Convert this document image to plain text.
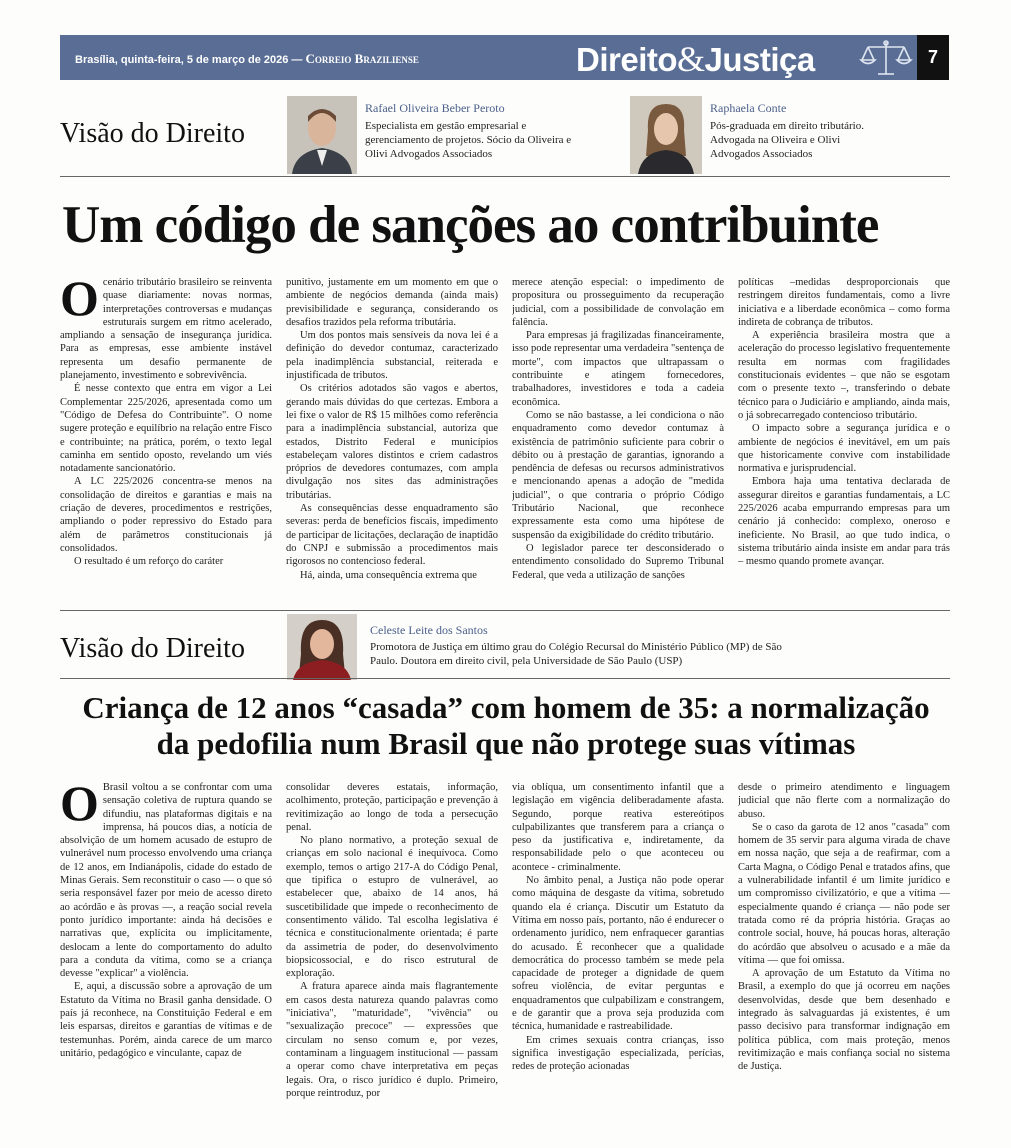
Brasília, quinta-feira, 5 de março de 2026 — Correio Braziliense	Direito&Justiça	7
Visão do Direito
Rafael Oliveira Beber Peroto
Especialista em gestão empresarial e gerenciamento de projetos. Sócio da Oliveira e Olivi Advogados Associados
Raphaela Conte
Pós-graduada em direito tributário. Advogada na Oliveira e Olivi Advogados Associados
Um código de sanções ao contribuinte
O cenário tributário brasileiro se reinventa quase diariamente: novas normas, interpretações controversas e mudanças estruturais surgem em ritmo acelerado, ampliando a sensação de insegurança jurídica. Para as empresas, esse ambiente instável representa um desafio permanente de planejamento, investimento e sobrevivência.

É nesse contexto que entra em vigor a Lei Complementar 225/2026, apresentada como um "Código de Defesa do Contribuinte". O nome sugere proteção e equilíbrio na relação entre Fisco e contribuinte; na prática, porém, o texto legal caminha em sentido oposto, revelando um viés notadamente sancionatório.

A LC 225/2026 concentra-se menos na consolidação de direitos e garantias e mais na criação de deveres, procedimentos e restrições, ampliando o poder repressivo do Estado para além de parâmetros constitucionais já consolidados.

O resultado é um reforço do caráter

punitivo, justamente em um momento em que o ambiente de negócios demanda (ainda mais) previsibilidade e segurança, considerando os desafios trazidos pela reforma tributária.

Um dos pontos mais sensíveis da nova lei é a definição do devedor contumaz, caracterizado pela inadimplência substancial, reiterada e injustificada de tributos.

Os critérios adotados são vagos e abertos, gerando mais dúvidas do que certezas. Embora a lei fixe o valor de R$ 15 milhões como referência para a inadimplência substancial, autoriza que estados, Distrito Federal e municípios estabeleçam valores distintos e criem cadastros próprios de devedores contumazes, com ampla divulgação nos sites das administrações tributárias.

As consequências desse enquadramento são severas: perda de benefícios fiscais, impedimento de participar de licitações, declaração de inaptidão do CNPJ e submissão a procedimentos mais rigorosos no contencioso federal.

Há, ainda, uma consequência extrema que

merece atenção especial: o impedimento de propositura ou prosseguimento da recuperação judicial, com a possibilidade de convolação em falência.

Para empresas já fragilizadas financeiramente, isso pode representar uma verdadeira "sentença de morte", com impactos que ultrapassam o contribuinte e atingem fornecedores, trabalhadores, investidores e toda a cadeia econômica.

Como se não bastasse, a lei condiciona o não enquadramento como devedor contumaz à existência de patrimônio suficiente para cobrir o débito ou à prestação de garantias, ignorando a pendência de defesas ou recursos administrativos e mencionando apenas a adoção de "medida judicial", o que contraria o próprio Código Tributário Nacional, que reconhece expressamente esta como uma hipótese de suspensão da exigibilidade do crédito tributário.

O legislador parece ter desconsiderado o entendimento consolidado do Supremo Tribunal Federal, que veda a utilização de sanções

políticas –medidas desproporcionais que restringem direitos fundamentais, como a livre iniciativa e a liberdade econômica – como forma indireta de cobrança de tributos.

A experiência brasileira mostra que a aceleração do processo legislativo frequentemente resulta em normas com fragilidades constitucionais evidentes – que não se esgotam com o presente texto –, transferindo o debate técnico para o Judiciário e ampliando, ainda mais, o já sobrecarregado contencioso tributário.

O impacto sobre a segurança jurídica e o ambiente de negócios é inevitável, em um país que historicamente convive com instabilidade normativa e jurisprudencial.

Embora haja uma tentativa declarada de assegurar direitos e garantias fundamentais, a LC 225/2026 acaba empurrando empresas para um cenário já conhecido: complexo, oneroso e ineficiente. No Brasil, ao que tudo indica, o sistema tributário ainda insiste em andar para trás – mesmo quando promete avançar.

Visão do Direito
Celeste Leite dos Santos
Promotora de Justiça em último grau do Colégio Recursal do Ministério Público (MP) de São Paulo. Doutora em direito civil, pela Universidade de São Paulo (USP)
Criança de 12 anos “casada” com homem de 35: a normalização
da pedofilia num Brasil que não protege suas vítimas
O Brasil voltou a se confrontar com uma sensação coletiva de ruptura quando se difundiu, nas plataformas digitais e na imprensa, há poucos dias, a notícia de absolvição de um homem acusado de estupro de vulnerável num processo envolvendo uma criança de 12 anos, em Indianápolis, cidade do estado de Minas Gerais. Sem reconstituir o caso — o que só seria responsável fazer por meio de acesso direto ao acórdão e às provas —, a reação social revela ponto jurídico importante: ainda há decisões e narrativas que, explícita ou implicitamente, deslocam a lente do comportamento do adulto para a conduta da vítima, como se a criança devesse "explicar" a violência.

E, aqui, a discussão sobre a aprovação de um Estatuto da Vítima no Brasil ganha densidade. O país já reconhece, na Constituição Federal e em leis esparsas, direitos e garantias de vítimas e de testemunhas. Porém, ainda carece de um marco unitário, pedagógico e vinculante, capaz de

consolidar deveres estatais, informação, acolhimento, proteção, participação e prevenção à revitimização ao longo de toda a persecução penal.

No plano normativo, a proteção sexual de crianças em solo nacional é inequívoca. Como exemplo, temos o artigo 217-A do Código Penal, que tipifica o estupro de vulnerável, ao estabelecer que, abaixo de 14 anos, há suscetibilidade que impede o reconhecimento de consentimento válido. Tal escolha legislativa é técnica e constitucionalmente orientada; é parte da assimetria de poder, do desenvolvimento biopsicossocial, e do risco estrutural de exploração.

A fratura aparece ainda mais flagrantemente em casos desta natureza quando palavras como "iniciativa", "maturidade", "vivência" ou "sexualização precoce" — expressões que circulam no senso comum e, por vezes, contaminam a linguagem institucional — passam a operar como chave interpretativa em peças legais. Ora, o risco jurídico é duplo. Primeiro, porque reintroduz, por

via oblíqua, um consentimento infantil que a legislação em vigência deliberadamente afasta. Segundo, porque reativa estereótipos culpabilizantes que transferem para a criança o peso da justificativa e, indiretamente, da responsabilidade pelo o que aconteceu ou acontece - criminalmente.

No âmbito penal, a Justiça não pode operar como máquina de desgaste da vítima, sobretudo quando ela é criança. Discutir um Estatuto da Vítima em nosso país, portanto, não é endurecer o ordenamento jurídico, nem enfraquecer garantias do acusado. É reconhecer que a qualidade democrática do processo também se mede pela capacidade de proteger a dignidade de quem sofreu violência, de evitar perguntas e enquadramentos que culpabilizam e constrangem, e de garantir que a prova seja produzida com técnica, humanidade e rastreabilidade.

Em crimes sexuais contra crianças, isso significa investigação especializada, perícias, redes de proteção acionadas

desde o primeiro atendimento e linguagem judicial que não flerte com a normalização do abuso.

Se o caso da garota de 12 anos "casada" com homem de 35 servir para alguma virada de chave em nossa nação, que seja a de reafirmar, com a Carta Magna, o Código Penal e tratados afins, que a vulnerabilidade infantil é um limite jurídico e um compromisso civilizatório, e que a vítima — especialmente quando é criança — não pode ser tratada como ré da própria história. Graças ao controle social, houve, há poucas horas, alteração do acórdão que absolveu o acusado e a mãe da vítima — que foi omissa.

A aprovação de um Estatuto da Vítima no Brasil, a exemplo do que já ocorreu em nações desenvolvidas, desde que bem desenhado e integrado às salvaguardas já existentes, é um passo decisivo para transformar indignação em política pública, com mais proteção, menos revitimização e mais confiança social no sistema de Justiça.
